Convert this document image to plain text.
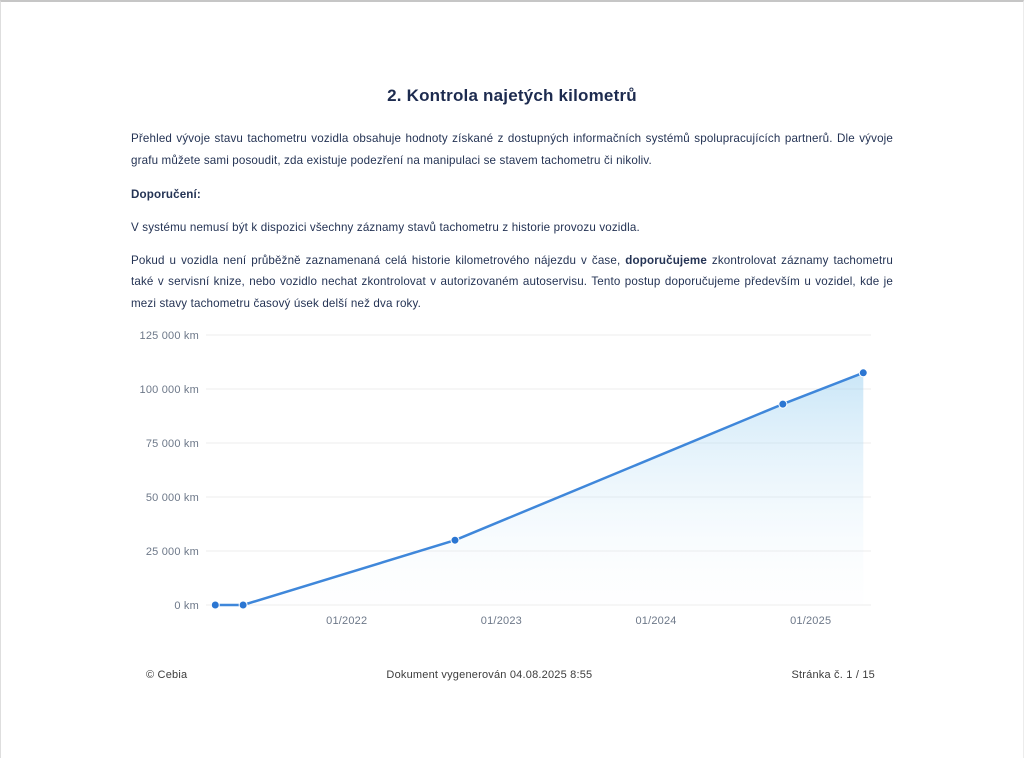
2. Kontrola najetých kilometrů

Přehled vývoje stavu tachometru vozidla obsahuje hodnoty získané z dostupných informačních systémů spolupracujících partnerů. Dle vývoje grafu můžete sami posoudit, zda existuje podezření na manipulaci se stavem tachometru či nikoliv.

Doporučení:

V systému nemusí být k dispozici všechny záznamy stavů tachometru z historie provozu vozidla.

Pokud u vozidla není průběžně zaznamenaná celá historie kilometrového nájezdu v čase, doporučujeme zkontrolovat záznamy tachometru také v servisní knize, nebo vozidlo nechat zkontrolovat v autorizovaném autoservisu. Tento postup doporučujeme především u vozidel, kde je mezi stavy tachometru časový úsek delší než dva roky.

125 000 km
100 000 km
75 000 km
50 000 km
25 000 km
0 km
01/2022	01/2023	01/2024	01/2025
© Cebia	Dokument vygenerován 04.08.2025 8:55	Stránka č. 1 / 15
